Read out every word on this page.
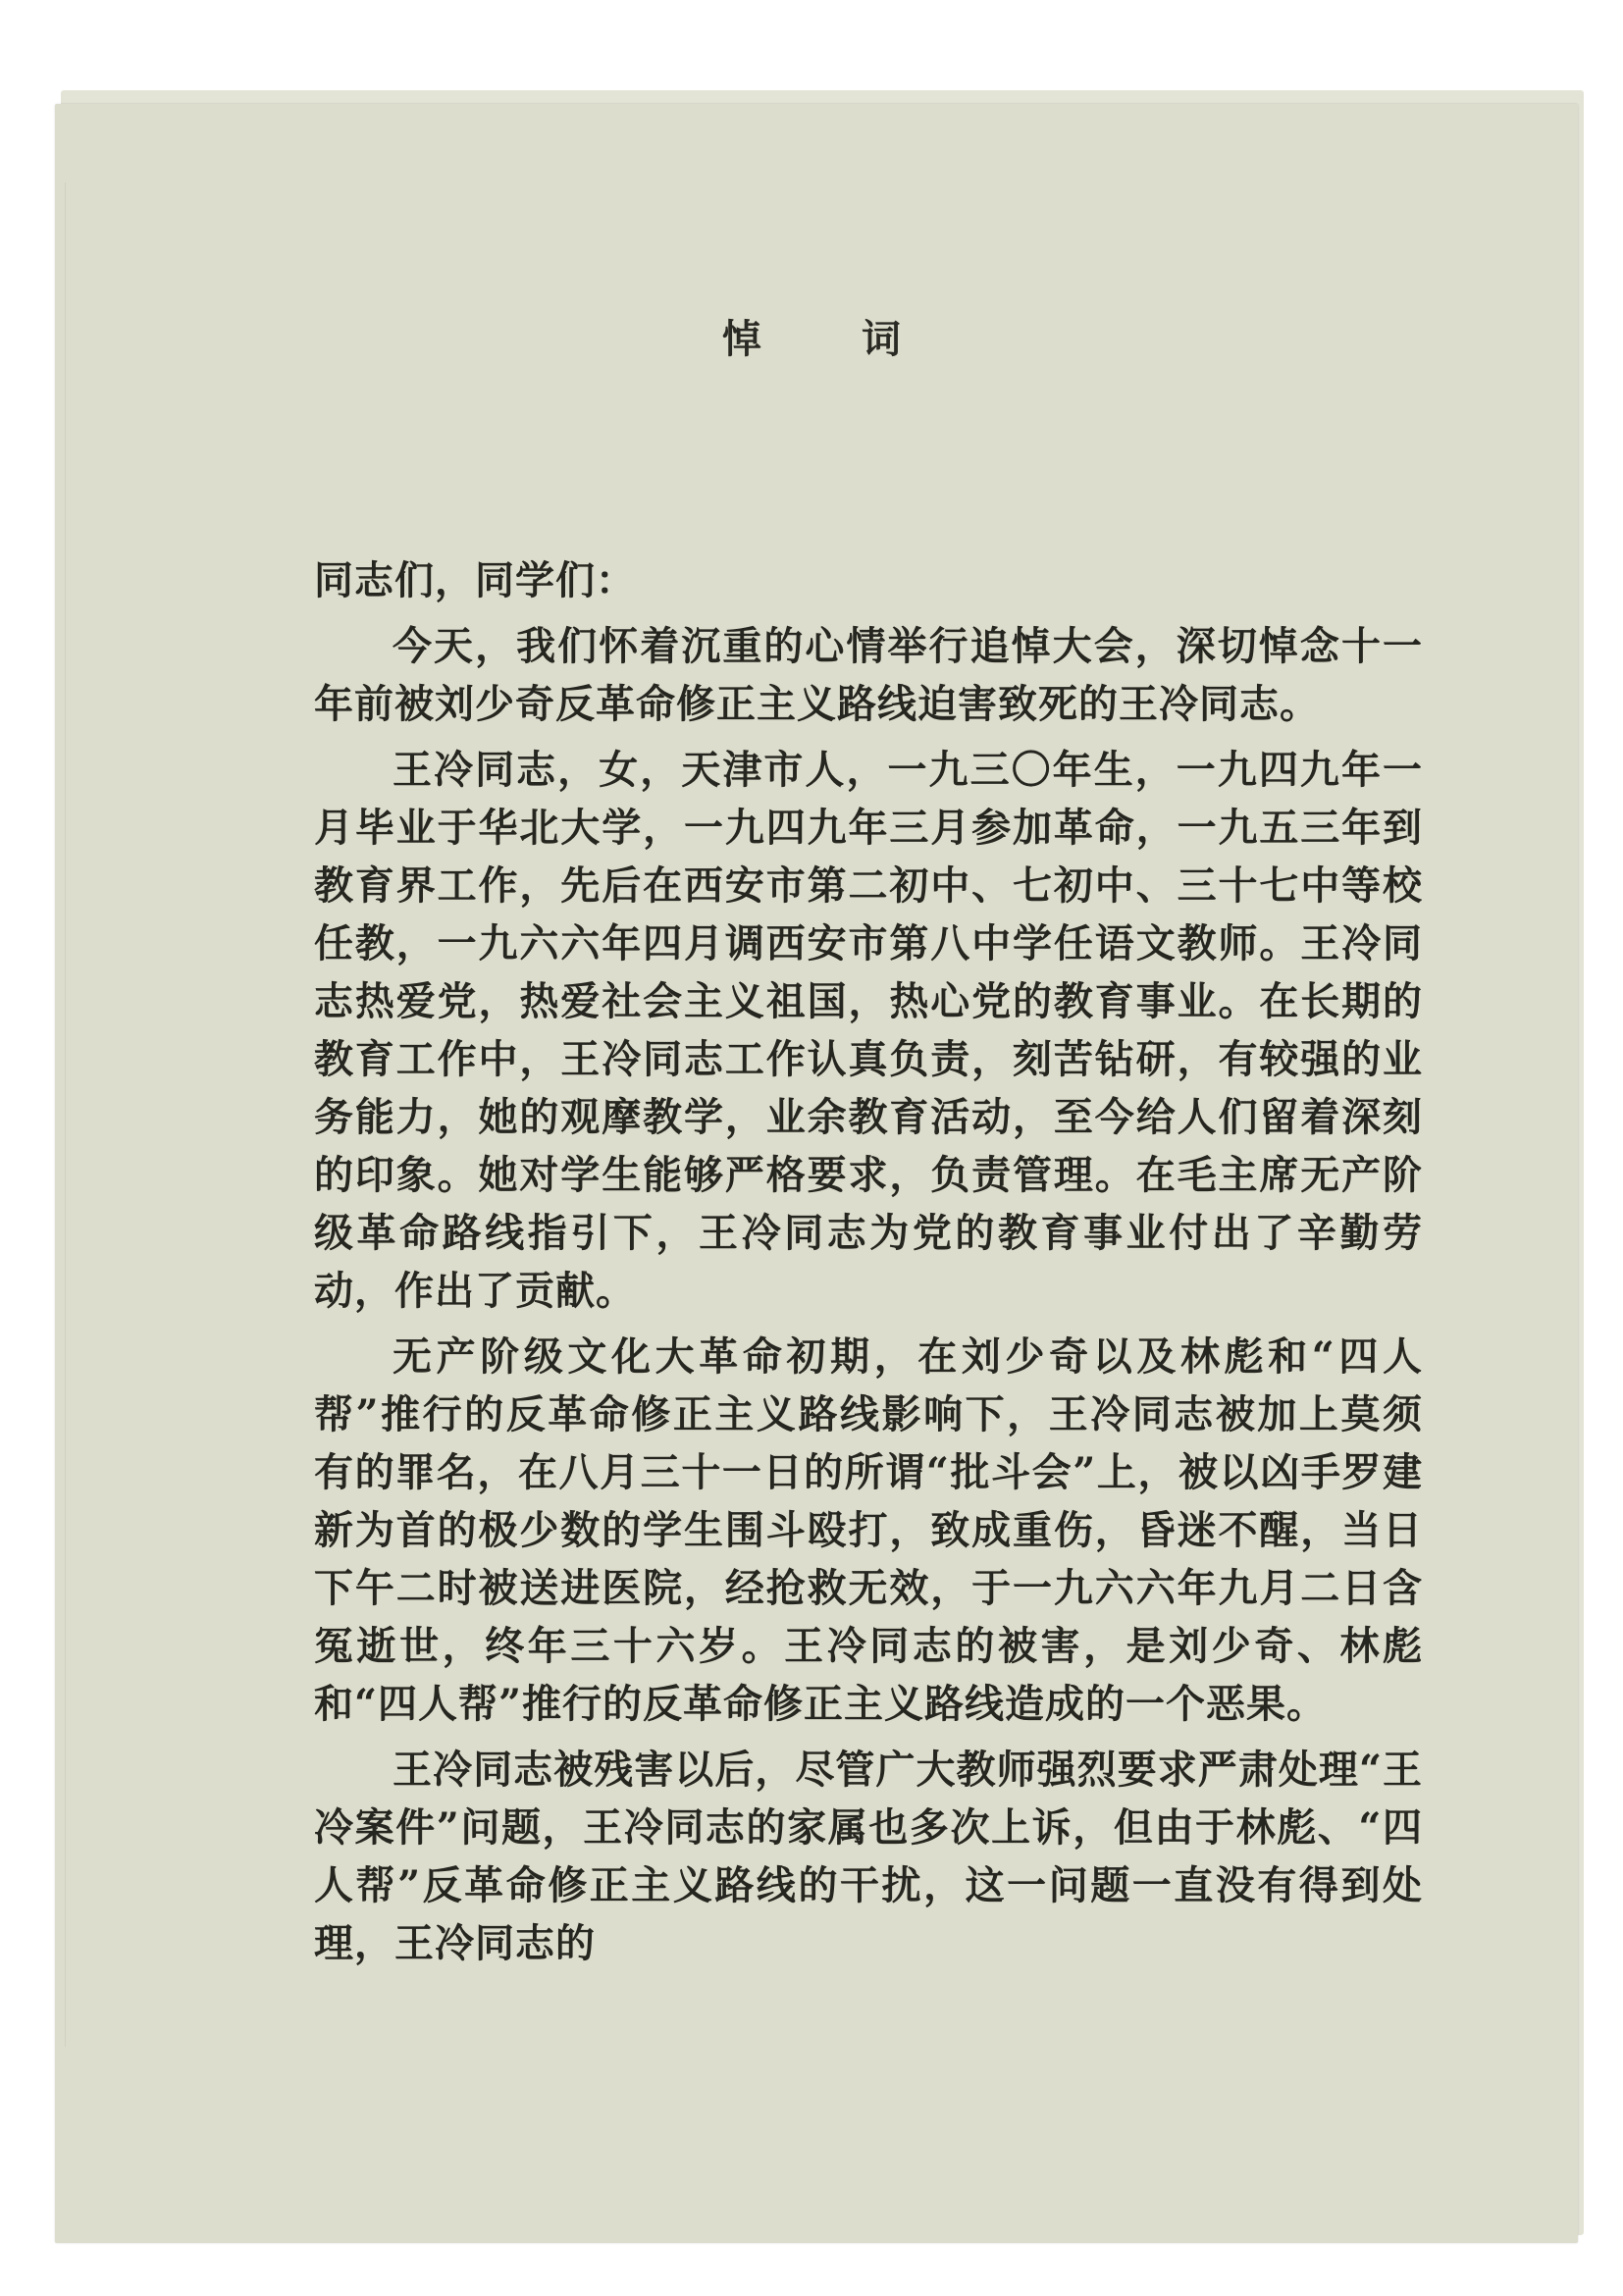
悼 词

同志们，同学们：

今天，我们怀着沉重的心情举行追悼大会，深切悼念十一年前被刘少奇反革命修正主义路线迫害致死的王冷同志。

王冷同志，女，天津市人，一九三〇年生，一九四九年一月毕业于华北大学，一九四九年三月参加革命，一九五三年到教育界工作，先后在西安市第二初中、七初中、三十七中等校任教，一九六六年四月调西安市第八中学任语文教师。王冷同志热爱党，热爱社会主义祖国，热心党的教育事业。在长期的教育工作中，王冷同志工作认真负责，刻苦钻研，有较强的业务能力，她的观摩教学，业余教育活动，至今给人们留着深刻的印象。她对学生能够严格要求，负责管理。在毛主席无产阶级革命路线指引下，王冷同志为党的教育事业付出了辛勤劳动，作出了贡献。

无产阶级文化大革命初期，在刘少奇以及林彪和“四人帮”推行的反革命修正主义路线影响下，王冷同志被加上莫须有的罪名，在八月三十一日的所谓“批斗会”上，被以凶手罗建新为首的极少数的学生围斗殴打，致成重伤，昏迷不醒，当日下午二时被送进医院，经抢救无效，于一九六六年九月二日含冤逝世，终年三十六岁。王冷同志的被害，是刘少奇、林彪和“四人帮”推行的反革命修正主义路线造成的一个恶果。

王冷同志被残害以后，尽管广大教师强烈要求严肃处理“王冷案件”问题，王冷同志的家属也多次上诉，但由于林彪、“四人帮”反革命修正主义路线的干扰，这一问题一直没有得到处理，王冷同志的
